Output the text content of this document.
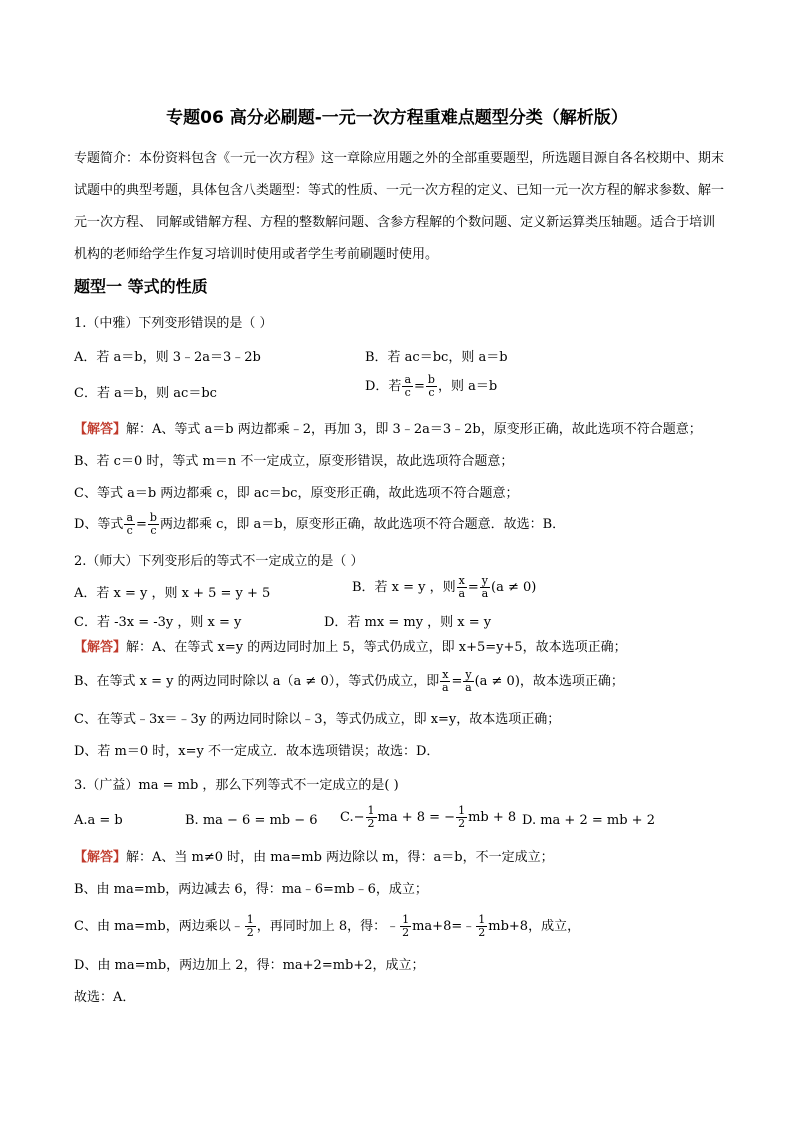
专题06 高分必刷题-一元一次方程重难点题型分类（解析版）
专题简介：本份资料包含《一元一次方程》这一章除应用题之外的全部重要题型，所选题目源自各名校期中、期末试题中的典型考题，具体包含八类题型：等式的性质、一元一次方程的定义、已知一元一次方程的解求参数、解一元一次方程、 同解或错解方程、方程的整数解问题、含参方程解的个数问题、定义新运算类压轴题。适合于培训机构的老师给学生作复习培训时使用或者学生考前刷题时使用。
题型一 等式的性质
1.（中雅）下列变形错误的是（ ）
A．若 a＝b，则 3﹣2a＝3﹣2b	B．若 ac＝bc，则 a＝b
C．若 a＝b，则 ac＝bc	D．若 $\frac{a}{c} = \frac{b}{c}$ ，则 a＝b
【解答】解：A、等式 a＝b 两边都乘﹣2，再加 3，即 3﹣2a＝3﹣2b，原变形正确，故此选项不符合题意；
B、若 c＝0 时，等式 m＝n 不一定成立，原变形错误，故此选项符合题意；
C、等式 a＝b 两边都乘 c，即 ac＝bc，原变形正确，故此选项不符合题意；
D、等式 $\frac{a}{c} = \frac{b}{c}$ 两边都乘 c，即 a＝b，原变形正确，故此选项不符合题意．故选：B．
2.（师大）下列变形后的等式不一定成立的是（ ）
A．若 x = y ，则 x + 5 = y + 5	B．若 x = y ，则 $\frac{x}{a} = \frac{y}{a} (a \ne 0)$
C．若 -3x = -3y ，则 x = y	D．若 mx = my ，则 x = y
【解答】解：A、在等式 x=y 的两边同时加上 5，等式仍成立，即 x+5=y+5，故本选项正确；
B、在等式 x = y 的两边同时除以 a（a ≠ 0），等式仍成立，即 $\frac{x}{a} = \frac{y}{a} (a \ne 0)$，故本选项正确；
C、在等式﹣3x＝﹣3y 的两边同时除以﹣3，等式仍成立，即 x=y，故本选项正确；
D、若 m＝0 时，x=y 不一定成立．故本选项错误；故选：D．
3.（广益）ma = mb ，那么下列等式不一定成立的是( )
A.a = b	B. ma − 6 = mb − 6 $C.- \frac{1}{2}$ ma + 8 = − $\frac{1}{2}$ mb + 8 D. ma + 2 = mb + 2
【解答】解：A、当 m≠0 时，由 ma=mb 两边除以 m，得：a＝b，不一定成立；
B、由 ma=mb，两边减去 6，得：ma﹣6=mb﹣6，成立；
C、由 ma=mb，两边乘以﹣ $\frac{1}{2}$ ，再同时加上 8，得：﹣ $\frac{1}{2}$ ma+8=﹣ $\frac{1}{2} mb+8$，成立，
D、由 ma=mb，两边加上 2，得：ma+2=mb+2，成立；
故选：A．
